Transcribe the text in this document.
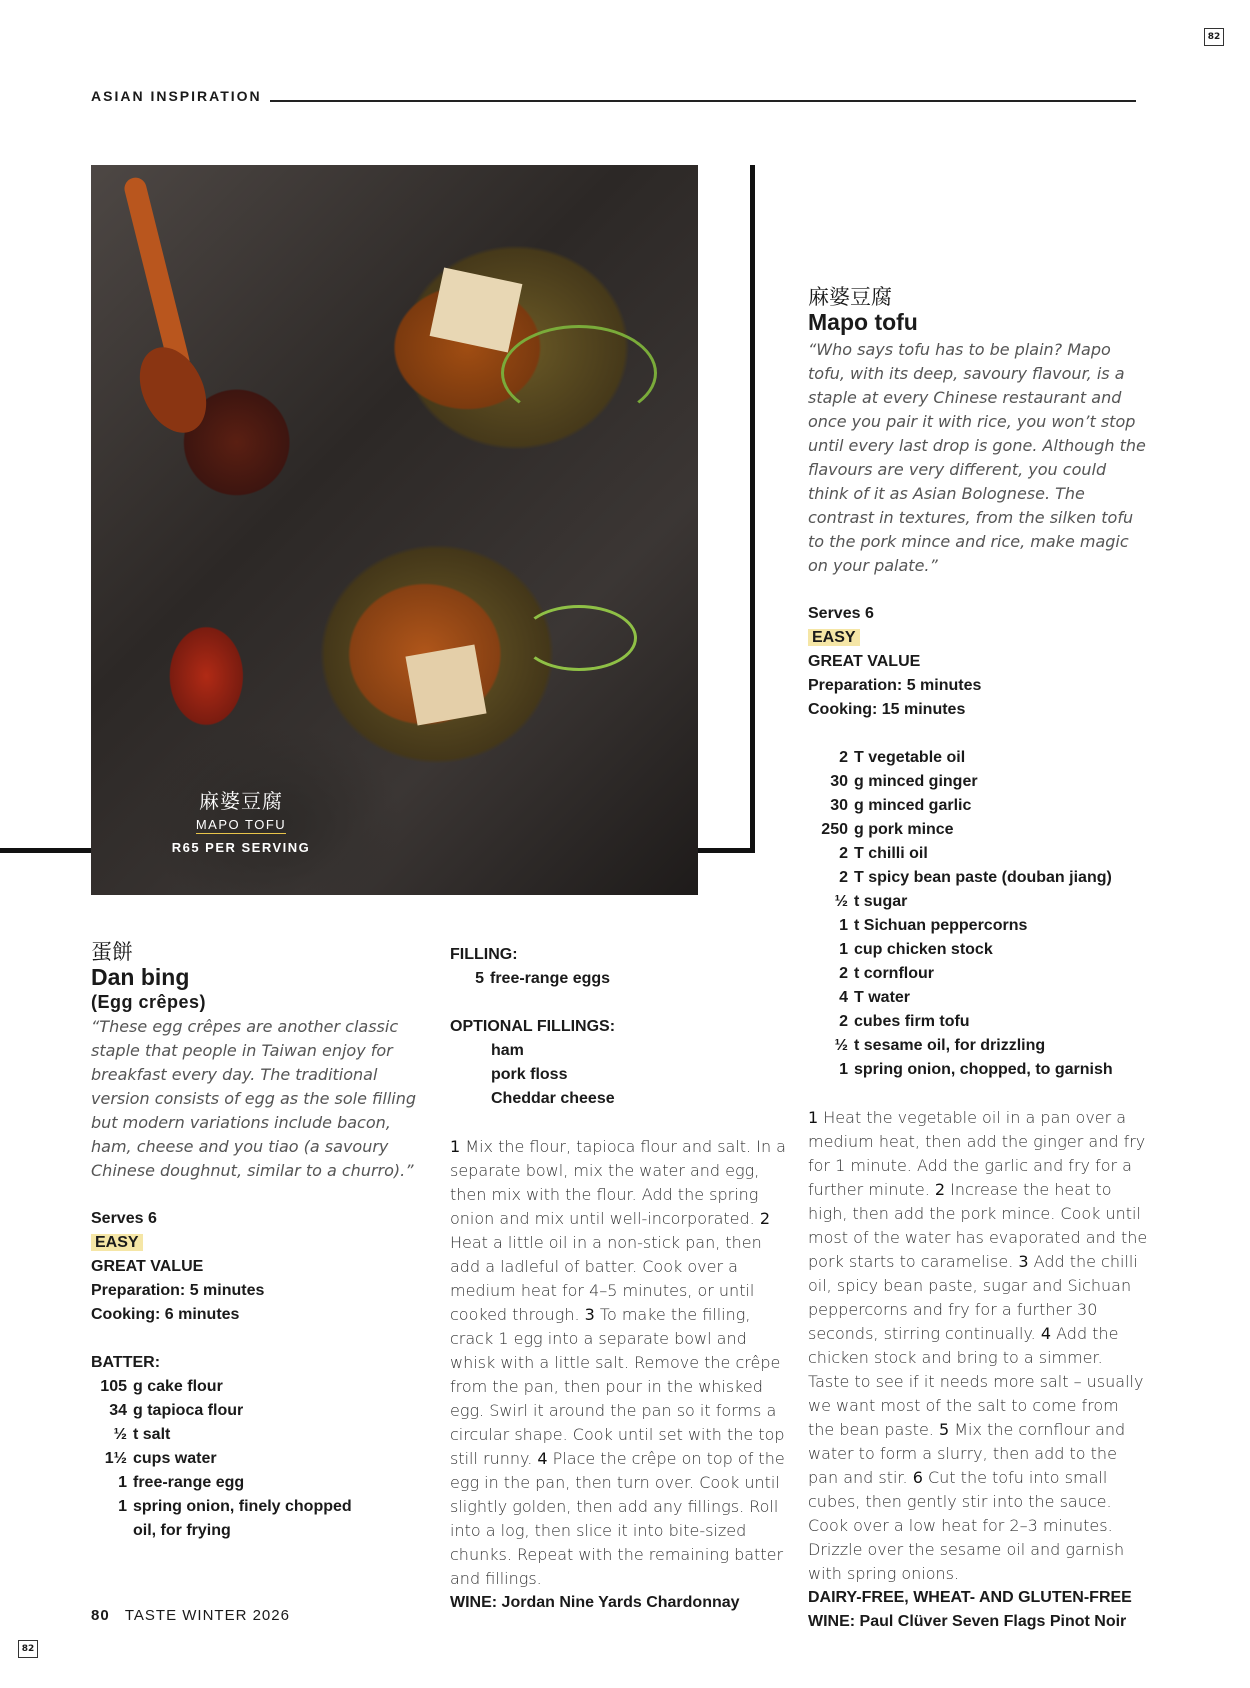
82
82
ASIAN INSPIRATION
麻婆豆腐
MAPO TOFU
R65 PER SERVING
麻婆豆腐
Mapo tofu
“Who says tofu has to be plain? Mapo tofu, with its deep, savoury flavour, is a staple at every Chinese restaurant and once you pair it with rice, you won’t stop until every last drop is gone. Although the flavours are very different, you could think of it as Asian Bolognese. The contrast in textures, from the silken tofu to the pork mince and rice, make magic on your palate.”
Serves 6
EASY
GREAT VALUE
Preparation: 5 minutes
Cooking: 15 minutes
2 T vegetable oil
30 g minced ginger
30 g minced garlic
250 g pork mince
2 T chilli oil
2 T spicy bean paste (douban jiang)
½ t sugar
1 t Sichuan peppercorns
1 cup chicken stock
2 t cornflour
4 T water
2 cubes firm tofu
½ t sesame oil, for drizzling
1 spring onion, chopped, to garnish
1 Heat the vegetable oil in a pan over a medium heat, then add the ginger and fry for 1 minute. Add the garlic and fry for a further minute. 2 Increase the heat to high, then add the pork mince. Cook until most of the water has evaporated and the pork starts to caramelise. 3 Add the chilli oil, spicy bean paste, sugar and Sichuan peppercorns and fry for a further 30 seconds, stirring continually. 4 Add the chicken stock and bring to a simmer. Taste to see if it needs more salt – usually we want most of the salt to come from the bean paste. 5 Mix the cornflour and water to form a slurry, then add to the pan and stir. 6 Cut the tofu into small cubes, then gently stir into the sauce. Cook over a low heat for 2–3 minutes. Drizzle over the sesame oil and garnish with spring onions.
DAIRY-FREE, WHEAT- AND GLUTEN-FREE
WINE: Paul Clüver Seven Flags Pinot Noir
蛋餅
Dan bing
(Egg crêpes)
“These egg crêpes are another classic staple that people in Taiwan enjoy for breakfast every day. The traditional version consists of egg as the sole filling but modern variations include bacon, ham, cheese and you tiao (a savoury Chinese doughnut, similar to a churro).”
Serves 6
EASY
GREAT VALUE
Preparation: 5 minutes
Cooking: 6 minutes
BATTER:
105 g cake flour
34 g tapioca flour
½ t salt
1½ cups water
1 free-range egg
1 spring onion, finely chopped
oil, for frying
FILLING:
5 free-range eggs
OPTIONAL FILLINGS:
ham
pork floss
Cheddar cheese
1 Mix the flour, tapioca flour and salt. In a separate bowl, mix the water and egg, then mix with the flour. Add the spring onion and mix until well-incorporated. 2 Heat a little oil in a non-stick pan, then add a ladleful of batter. Cook over a medium heat for 4–5 minutes, or until cooked through. 3 To make the filling, crack 1 egg into a separate bowl and whisk with a little salt. Remove the crêpe from the pan, then pour in the whisked egg. Swirl it around the pan so it forms a circular shape. Cook until set with the top still runny. 4 Place the crêpe on top of the egg in the pan, then turn over. Cook until slightly golden, then add any fillings. Roll into a log, then slice it into bite-sized chunks. Repeat with the remaining batter and fillings.
WINE: Jordan Nine Yards Chardonnay
80 TASTE WINTER 2026
